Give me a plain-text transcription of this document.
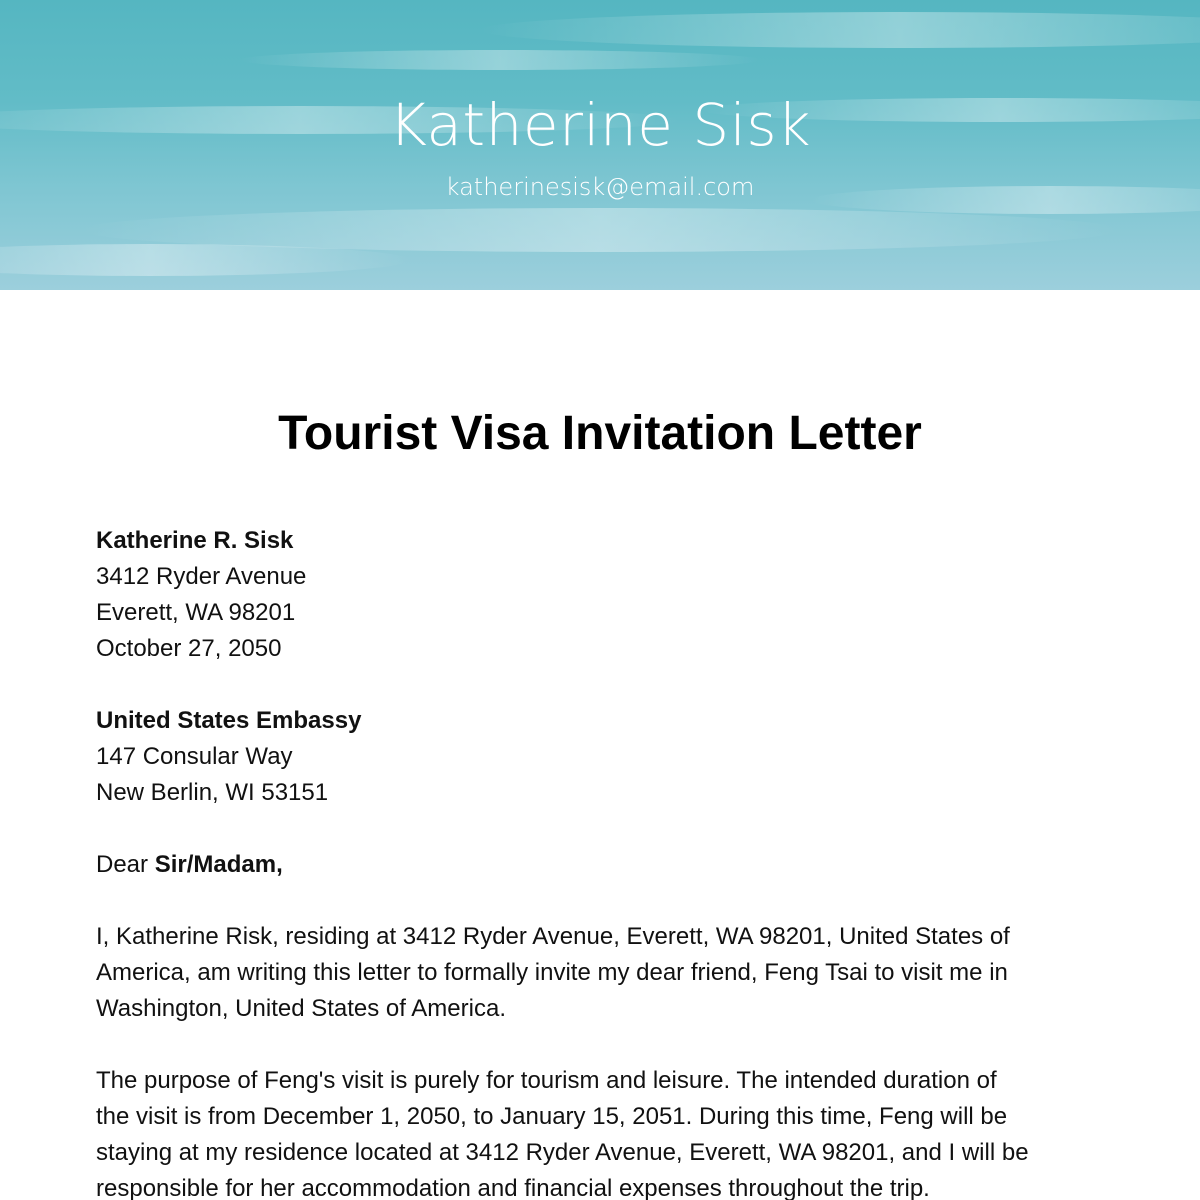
Katherine Sisk
katherinesisk@email.com
Tourist Visa Invitation Letter
Katherine R. Sisk
3412 Ryder Avenue
Everett, WA 98201
October 27, 2050
United States Embassy
147 Consular Way
New Berlin, WI 53151
Dear Sir/Madam,
I, Katherine Risk, residing at 3412 Ryder Avenue, Everett, WA 98201, United States of
America, am writing this letter to formally invite my dear friend, Feng Tsai to visit me in
Washington, United States of America.
The purpose of Feng's visit is purely for tourism and leisure. The intended duration of
the visit is from December 1, 2050, to January 15, 2051. During this time, Feng will be
staying at my residence located at 3412 Ryder Avenue, Everett, WA 98201, and I will be
responsible for her accommodation and financial expenses throughout the trip.
